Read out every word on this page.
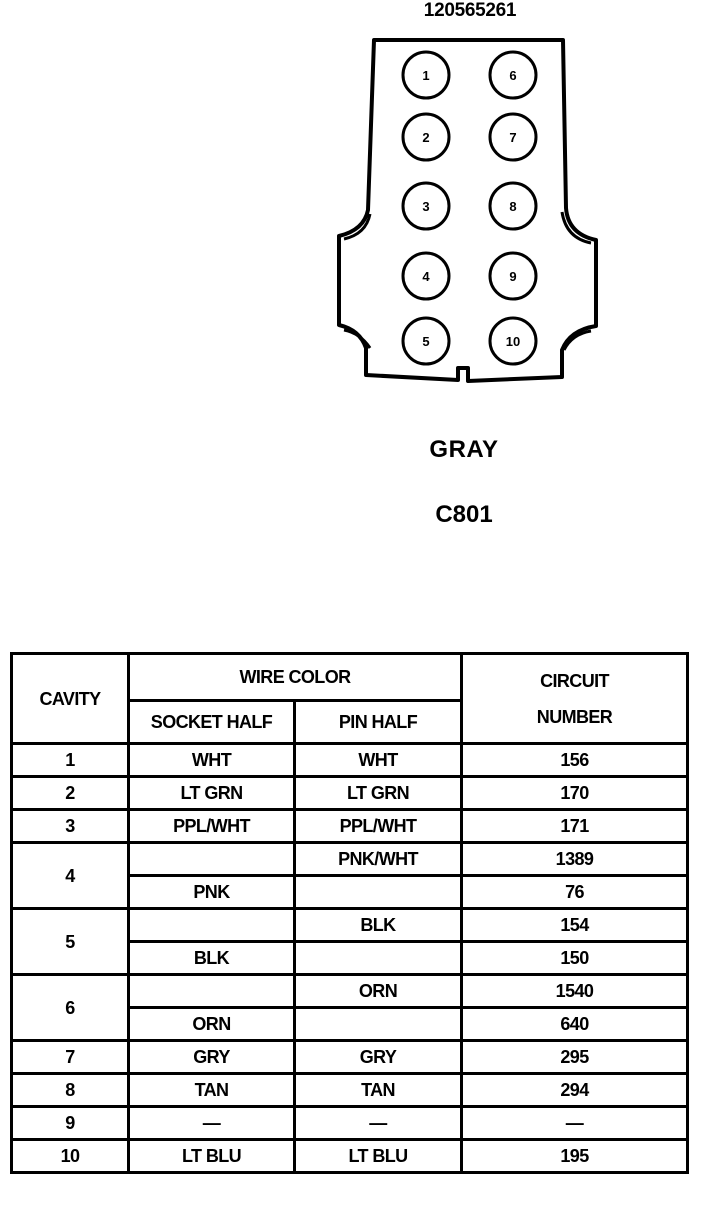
120565261
1
2
3
4
5
6
7
8
9
10
GRAY
C801
CAVITY	WIRE COLOR		CIRCUIT

NUMBER
	SOCKET HALF	PIN HALF	
1	WHT	WHT	156
2	LT GRN	LT GRN	170
3	PPL/WHT	PPL/WHT	171
4		PNK/WHT	1389
	PNK		76
5		BLK	154
	BLK		150
6		ORN	1540
	ORN		640
7	GRY	GRY	295
8	TAN	TAN	294
9	—	—	—
10	LT BLU	LT BLU	195
